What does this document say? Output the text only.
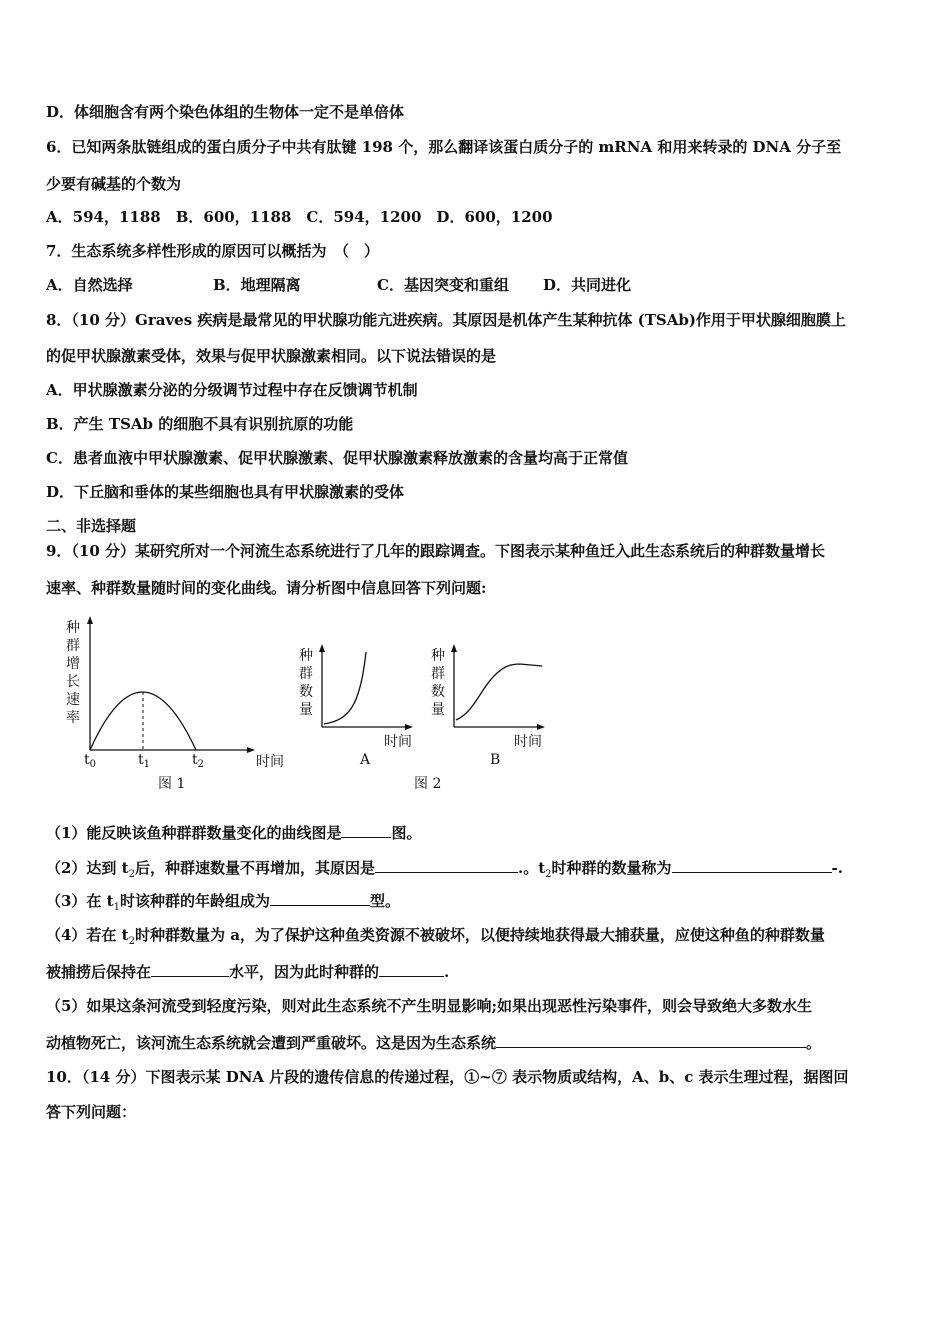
D．体细胞含有两个染色体组的生物体一定不是单倍体
6．已知两条肽链组成的蛋白质分子中共有肽键 198 个，那么翻译该蛋白质分子的 mRNA 和用来转录的 DNA 分子至
少要有碱基的个数为
A．594，1188　B．600，1188　C．594，1200　D．600，1200
7．生态系统多样性形成的原因可以概括为　（　）
A．自然选择	B．地理隔离	C．基因突变和重组 D．共同进化
8．（10 分）Graves 疾病是最常见的甲状腺功能亢进疾病。其原因是机体产生某种抗体 (TSAb)作用于甲状腺细胞膜上
的促甲状腺激素受体，效果与促甲状腺激素相同。以下说法错误的是
A．甲状腺激素分泌的分级调节过程中存在反馈调节机制
B．产生 TSAb 的细胞不具有识别抗原的功能
C．患者血液中甲状腺激素、促甲状腺激素、促甲状腺激素释放激素的含量均高于正常值
D．下丘脑和垂体的某些细胞也具有甲状腺激素的受体
二、非选择题
9．（10 分）某研究所对一个河流生态系统进行了几年的跟踪调查。下图表示某种鱼迁入此生态系统后的种群数量增长
速率、种群数量随时间的变化曲线。请分析图中信息回答下列问题:
种
群
增
长
速
率
$t_0$	$t_1$	$t_2$	时间
图 1
种
群
数
量
时间
A
种
群
数
量
时间
B
图 2
（1）能反映该鱼种群群数量变化的曲线图是	图。
（2）达到 $t_2$后，种群速数量不再增加，其原因是	.。$t_2$时种群的数量称为	-.
（3）在 $t_1$时该种群的年龄组成为	型。
（4）若在 $t_2$时种群数量为 a，为了保护这种鱼类资源不被破坏，以便持续地获得最大捕获量，应使这种鱼的种群数量
被捕捞后保持在	水平，因为此时种群的	.
（5）如果这条河流受到轻度污染，则对此生态系统不产生明显影响;如果出现恶性污染事件，则会导致绝大多数水生
动植物死亡，该河流生态系统就会遭到严重破坏。这是因为生态系统	。
10．（14 分）下图表示某 DNA 片段的遗传信息的传递过程，①~⑦ 表示物质或结构，A、b、c 表示生理过程，据图回
答下列问题：
